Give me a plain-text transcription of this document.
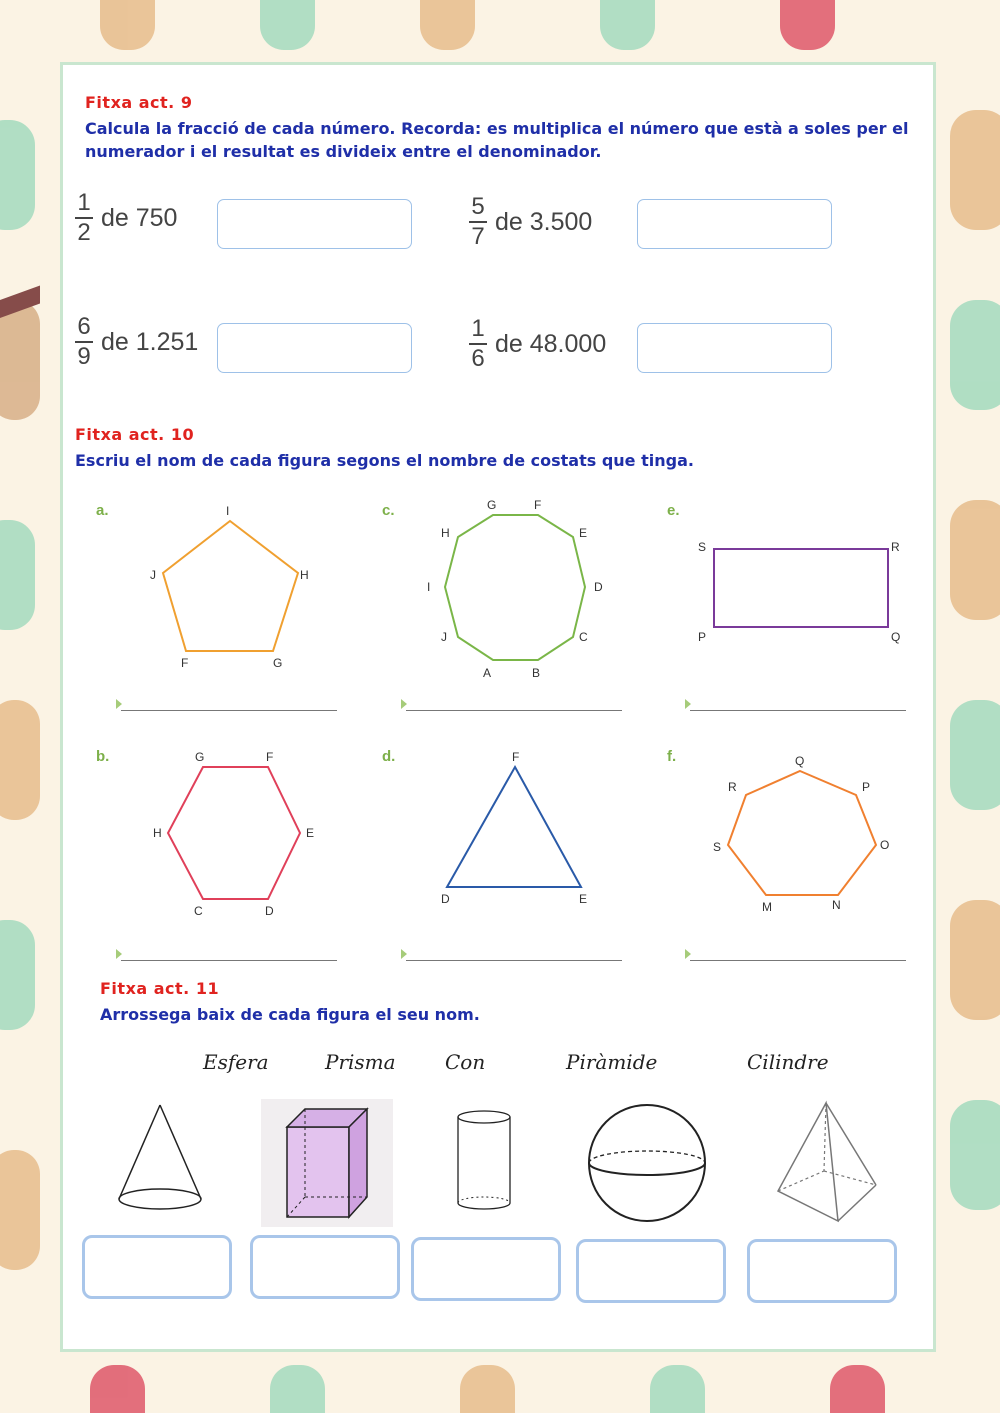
Fitxa act. 9
Calcula la fracció de cada número. Recorda: es multiplica el número que està a soles per el
numerador i el resultat es divideix entre el denominador.
$\frac{1}{2}$ de 750	$\frac{5}{7}$ de 3.500
$\frac{6}{9}$ de 1.251	$\frac{1}{6}$ de 48.000
Fitxa act. 10
Escriu el nom de cada figura segons el nombre de costats que tinga.
a.	I
H
G
F
J
c.	G	F
E
D
C
B
A
J
I
H
e.
S	R
P	Q
b.	G	F
H	E
C	D
d.	F
D	E
f.	Q
R	P
S	O
M	N
Fitxa act. 11
Arrossega baix de cada figura el seu nom.
Esfera	Prisma Con	Piràmide	Cilindre
